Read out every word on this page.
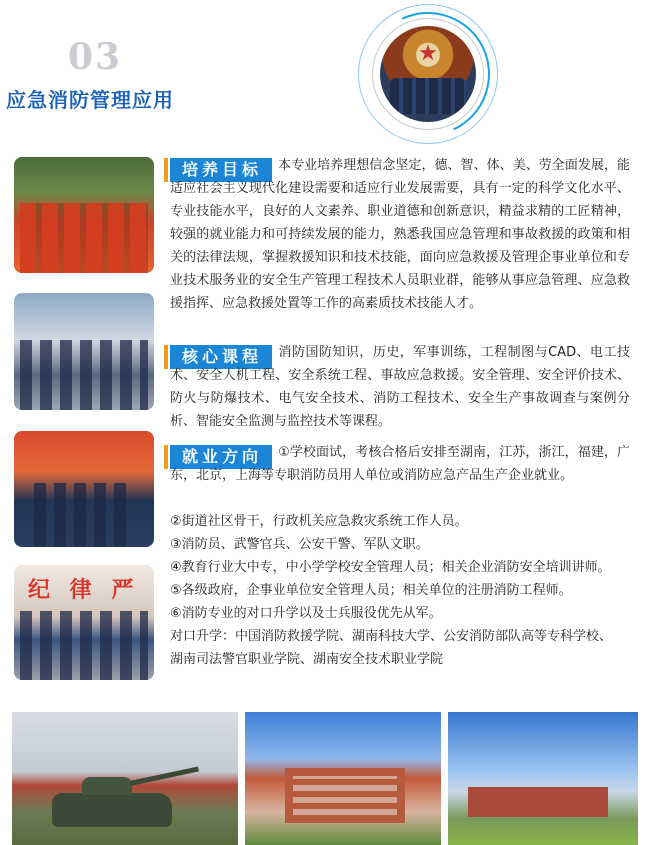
03
应急消防管理应用
★
纪 律 严
培养目标	本专业培养理想信念坚定，德、智、体、美、劳全面发展，能适应社会主义现代化建设需要和适应行业发展需要，具有一定的科学文化水平、专业技能水平，良好的人文素养、职业道德和创新意识，精益求精的工匠精神，较强的就业能力和可持续发展的能力，熟悉我国应急管理和事故救援的政策和相关的法律法规，掌握救援知识和技术技能，面向应急救援及管理企事业单位和专业技术服务业的安全生产管理工程技术人员职业群，能够从事应急管理、应急救援指挥、应急救援处置等工作的高素质技术技能人才。
核心课程	消防国防知识，历史，军事训练，工程制图与CAD、电工技术、安全人机工程、安全系统工程、事故应急救援。安全管理、安全评价技术、防火与防爆技术、电气安全技术、消防工程技术、安全生产事故调查与案例分析、智能安全监测与监控技术等课程。
就业方向	①学校面试，考核合格后安排至湖南，江苏，浙江，福建，广东，北京，上海等专职消防员用人单位或消防应急产品生产企业就业。
②街道社区骨干，行政机关应急救灾系统工作人员。
③消防员、武警官兵、公安干警、军队文职。
④教育行业大中专，中小学学校安全管理人员；相关企业消防安全培训讲师。
⑤各级政府，企事业单位安全管理人员；相关单位的注册消防工程师。
⑥消防专业的对口升学以及士兵服役优先从军。
对口升学：中国消防救援学院、湖南科技大学、公安消防部队高等专科学校、
湖南司法警官职业学院、湖南安全技术职业学院
